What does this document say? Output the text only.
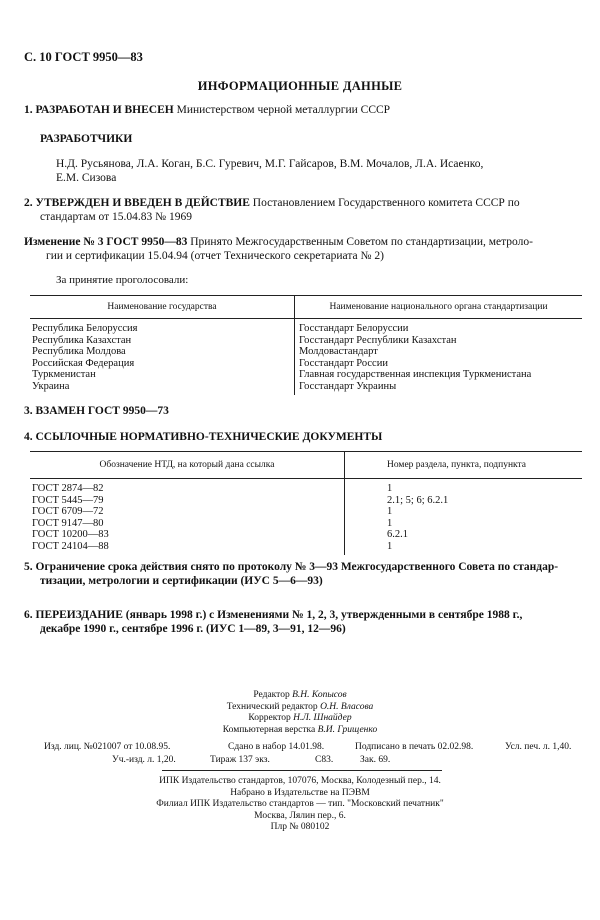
С. 10 ГОСТ 9950—83
ИНФОРМАЦИОННЫЕ ДАННЫЕ
1. РАЗРАБОТАН И ВНЕСЕН Министерством черной металлургии СССР
РАЗРАБОТЧИКИ
Н.Д. Русьянова, Л.А. Коган, Б.С. Гуревич, М.Г. Гайсаров, В.М. Мочалов, Л.А. Исаенко,
Е.М. Сизова
2. УТВЕРЖДЕН И ВВЕДЕН В ДЕЙСТВИЕ Постановлением Государственного комитета СССР по
стандартам от 15.04.83 № 1969
Изменение № 3 ГОСТ 9950—83 Принято Межгосударственным Советом по стандартизации, метроло-
гии и сертификации 15.04.94 (отчет Технического секретариата № 2)
За принятие проголосовали:
Наименование государства	Наименование национального органа стандартизации

Республика Белоруссия	Госстандарт Белоруссии
Республика Казахстан	Госстандарт Республики Казахстан
Республика Молдова	Молдовастандарт
Российская Федерация	Госстандарт России
Туркменистан	Главная государственная инспекция Туркменистана
Украина	Госстандарт Украины

3. ВЗАМЕН ГОСТ 9950—73
4. ССЫЛОЧНЫЕ НОРМАТИВНО-ТЕХНИЧЕСКИЕ ДОКУМЕНТЫ
Обозначение НТД, на который дана ссылка	Номер раздела, пункта, подпункта

ГОСТ 2874—82	1
ГОСТ 5445—79	2.1; 5; 6; 6.2.1
ГОСТ 6709—72	1
ГОСТ 9147—80	1
ГОСТ 10200—83	6.2.1
ГОСТ 24104—88	1

5. Ограничение срока действия снято по протоколу № 3—93 Межгосударственного Совета по стандар-
тизации, метрологии и сертификации (ИУС 5—6—93)
6. ПЕРЕИЗДАНИЕ (январь 1998 г.) с Изменениями № 1, 2, 3, утвержденными в сентябре 1988 г.,
декабре 1990 г., сентябре 1996 г. (ИУС 1—89, 3—91, 12—96)
Редактор В.Н. Копысов
Технический редактор О.Н. Власова
Корректор Н.Л. Шнайдер
Компьютерная верстка В.И. Грищенко
Изд. лиц. №021007 от 10.08.95.	Сдано в набор 14.01.98.	Подписано в печать 02.02.98.	Усл. печ. л. 1,40.
Уч.-изд. л. 1,20.	Тираж 137 экз.	С83.	Зак. 69.
ИПК Издательство стандартов, 107076, Москва, Колодезный пер., 14.
Набрано в Издательстве на ПЭВМ
Филиал ИПК Издательство стандартов — тип. "Московский печатник"
Москва, Лялин пер., 6.
Плр № 080102
